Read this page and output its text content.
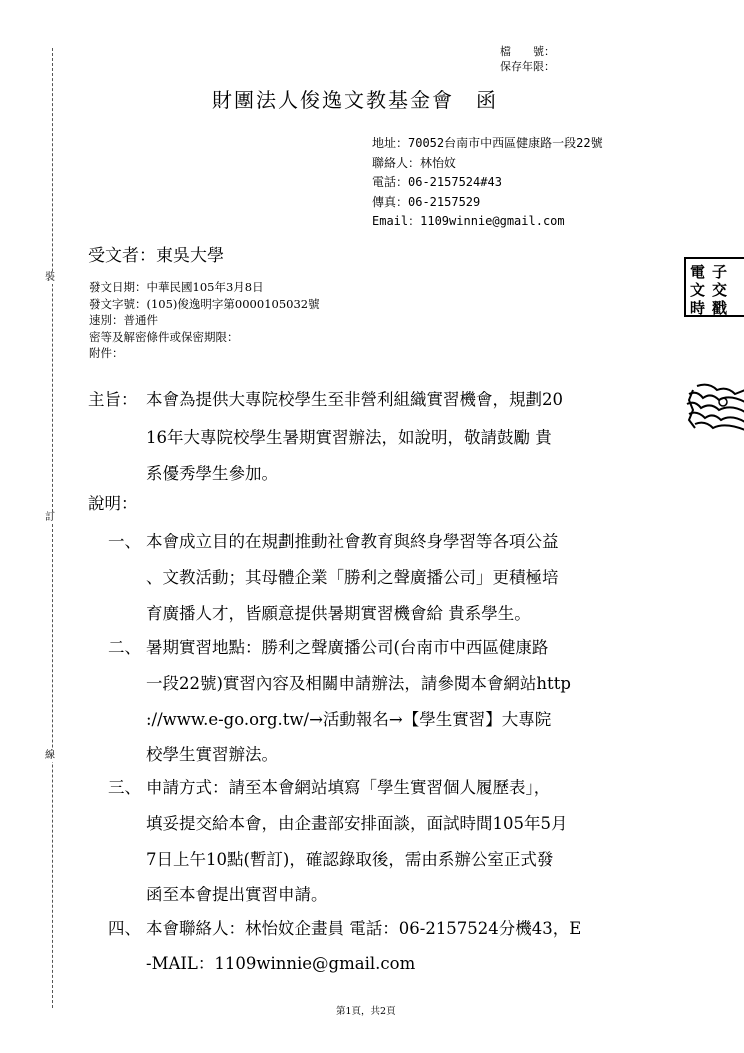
裝
訂
線
檔　　號：
保存年限：
財團法人俊逸文教基金會　函
地址：70052台南市中西區健康路一段22號
聯絡人：林怡妏
電話：06-2157524#43
傳真：06-2157529
Email：1109winnie@gmail.com
受文者：東吳大學
發文日期：中華民國105年3月8日
發文字號：(105)俊逸明字第0000105032號
速別：普通件
密等及解密條件或保密期限：
附件：
主旨： 本會為提供大專院校學生至非營利組織實習機會，規劃20
16年大專院校學生暑期實習辦法，如說明，敬請鼓勵 貴
系優秀學生參加。
說明：
一、 本會成立目的在規劃推動社會教育與終身學習等各項公益
、文教活動；其母體企業「勝利之聲廣播公司」更積極培
育廣播人才，皆願意提供暑期實習機會給 貴系學生。
二、 暑期實習地點：勝利之聲廣播公司(台南市中西區健康路
一段22號)實習內容及相關申請辦法，請參閱本會網站http
://www.e-go.org.tw/→活動報名→【學生實習】大專院
校學生實習辦法。
三、 申請方式：請至本會網站填寫「學生實習個人履歷表」，
填妥提交給本會，由企畫部安排面談，面試時間105年5月
7日上午10點(暫訂)，確認錄取後，需由系辦公室正式發
函至本會提出實習申請。
四、 本會聯絡人：林怡妏企畫員 電話：06-2157524分機43，E
-MAIL：1109winnie@gmail.com
電 子
文 交
時 戳
第1頁，共2頁
